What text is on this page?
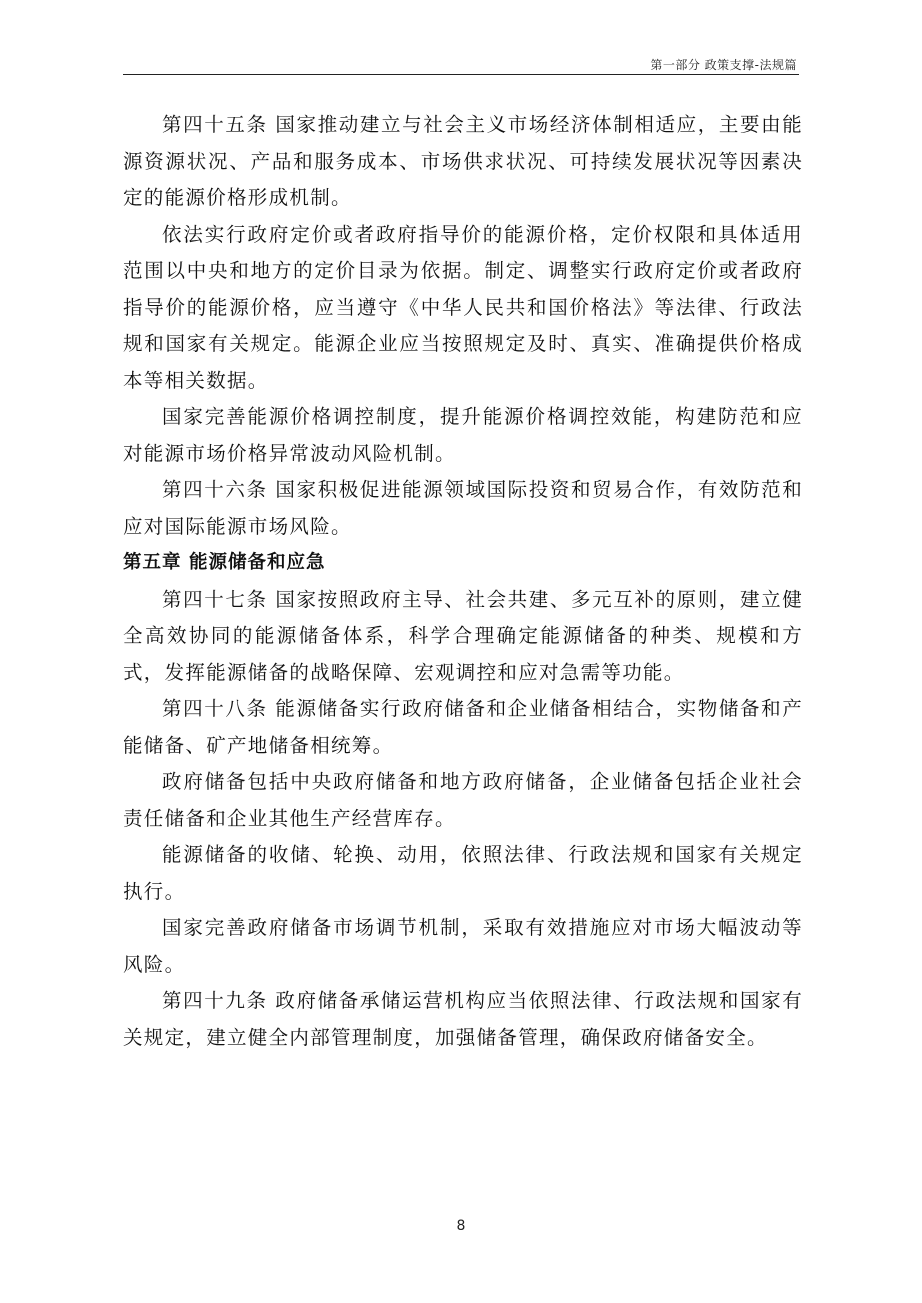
第一部分 政策支撑-法规篇

第四十五条 国家推动建立与社会主义市场经济体制相适应，主要由能源资源状况、产品和服务成本、市场供求状况、可持续发展状况等因素决定的能源价格形成机制。

依法实行政府定价或者政府指导价的能源价格，定价权限和具体适用范围以中央和地方的定价目录为依据。制定、调整实行政府定价或者政府指导价的能源价格，应当遵守《中华人民共和国价格法》等法律、行政法规和国家有关规定。能源企业应当按照规定及时、真实、准确提供价格成本等相关数据。

国家完善能源价格调控制度，提升能源价格调控效能，构建防范和应对能源市场价格异常波动风险机制。

第四十六条 国家积极促进能源领域国际投资和贸易合作，有效防范和应对国际能源市场风险。

第五章 能源储备和应急

第四十七条 国家按照政府主导、社会共建、多元互补的原则，建立健全高效协同的能源储备体系，科学合理确定能源储备的种类、规模和方式，发挥能源储备的战略保障、宏观调控和应对急需等功能。

第四十八条 能源储备实行政府储备和企业储备相结合，实物储备和产能储备、矿产地储备相统筹。

政府储备包括中央政府储备和地方政府储备，企业储备包括企业社会责任储备和企业其他生产经营库存。

能源储备的收储、轮换、动用，依照法律、行政法规和国家有关规定执行。

国家完善政府储备市场调节机制，采取有效措施应对市场大幅波动等风险。

第四十九条 政府储备承储运营机构应当依照法律、行政法规和国家有关规定，建立健全内部管理制度，加强储备管理，确保政府储备安全。

8
